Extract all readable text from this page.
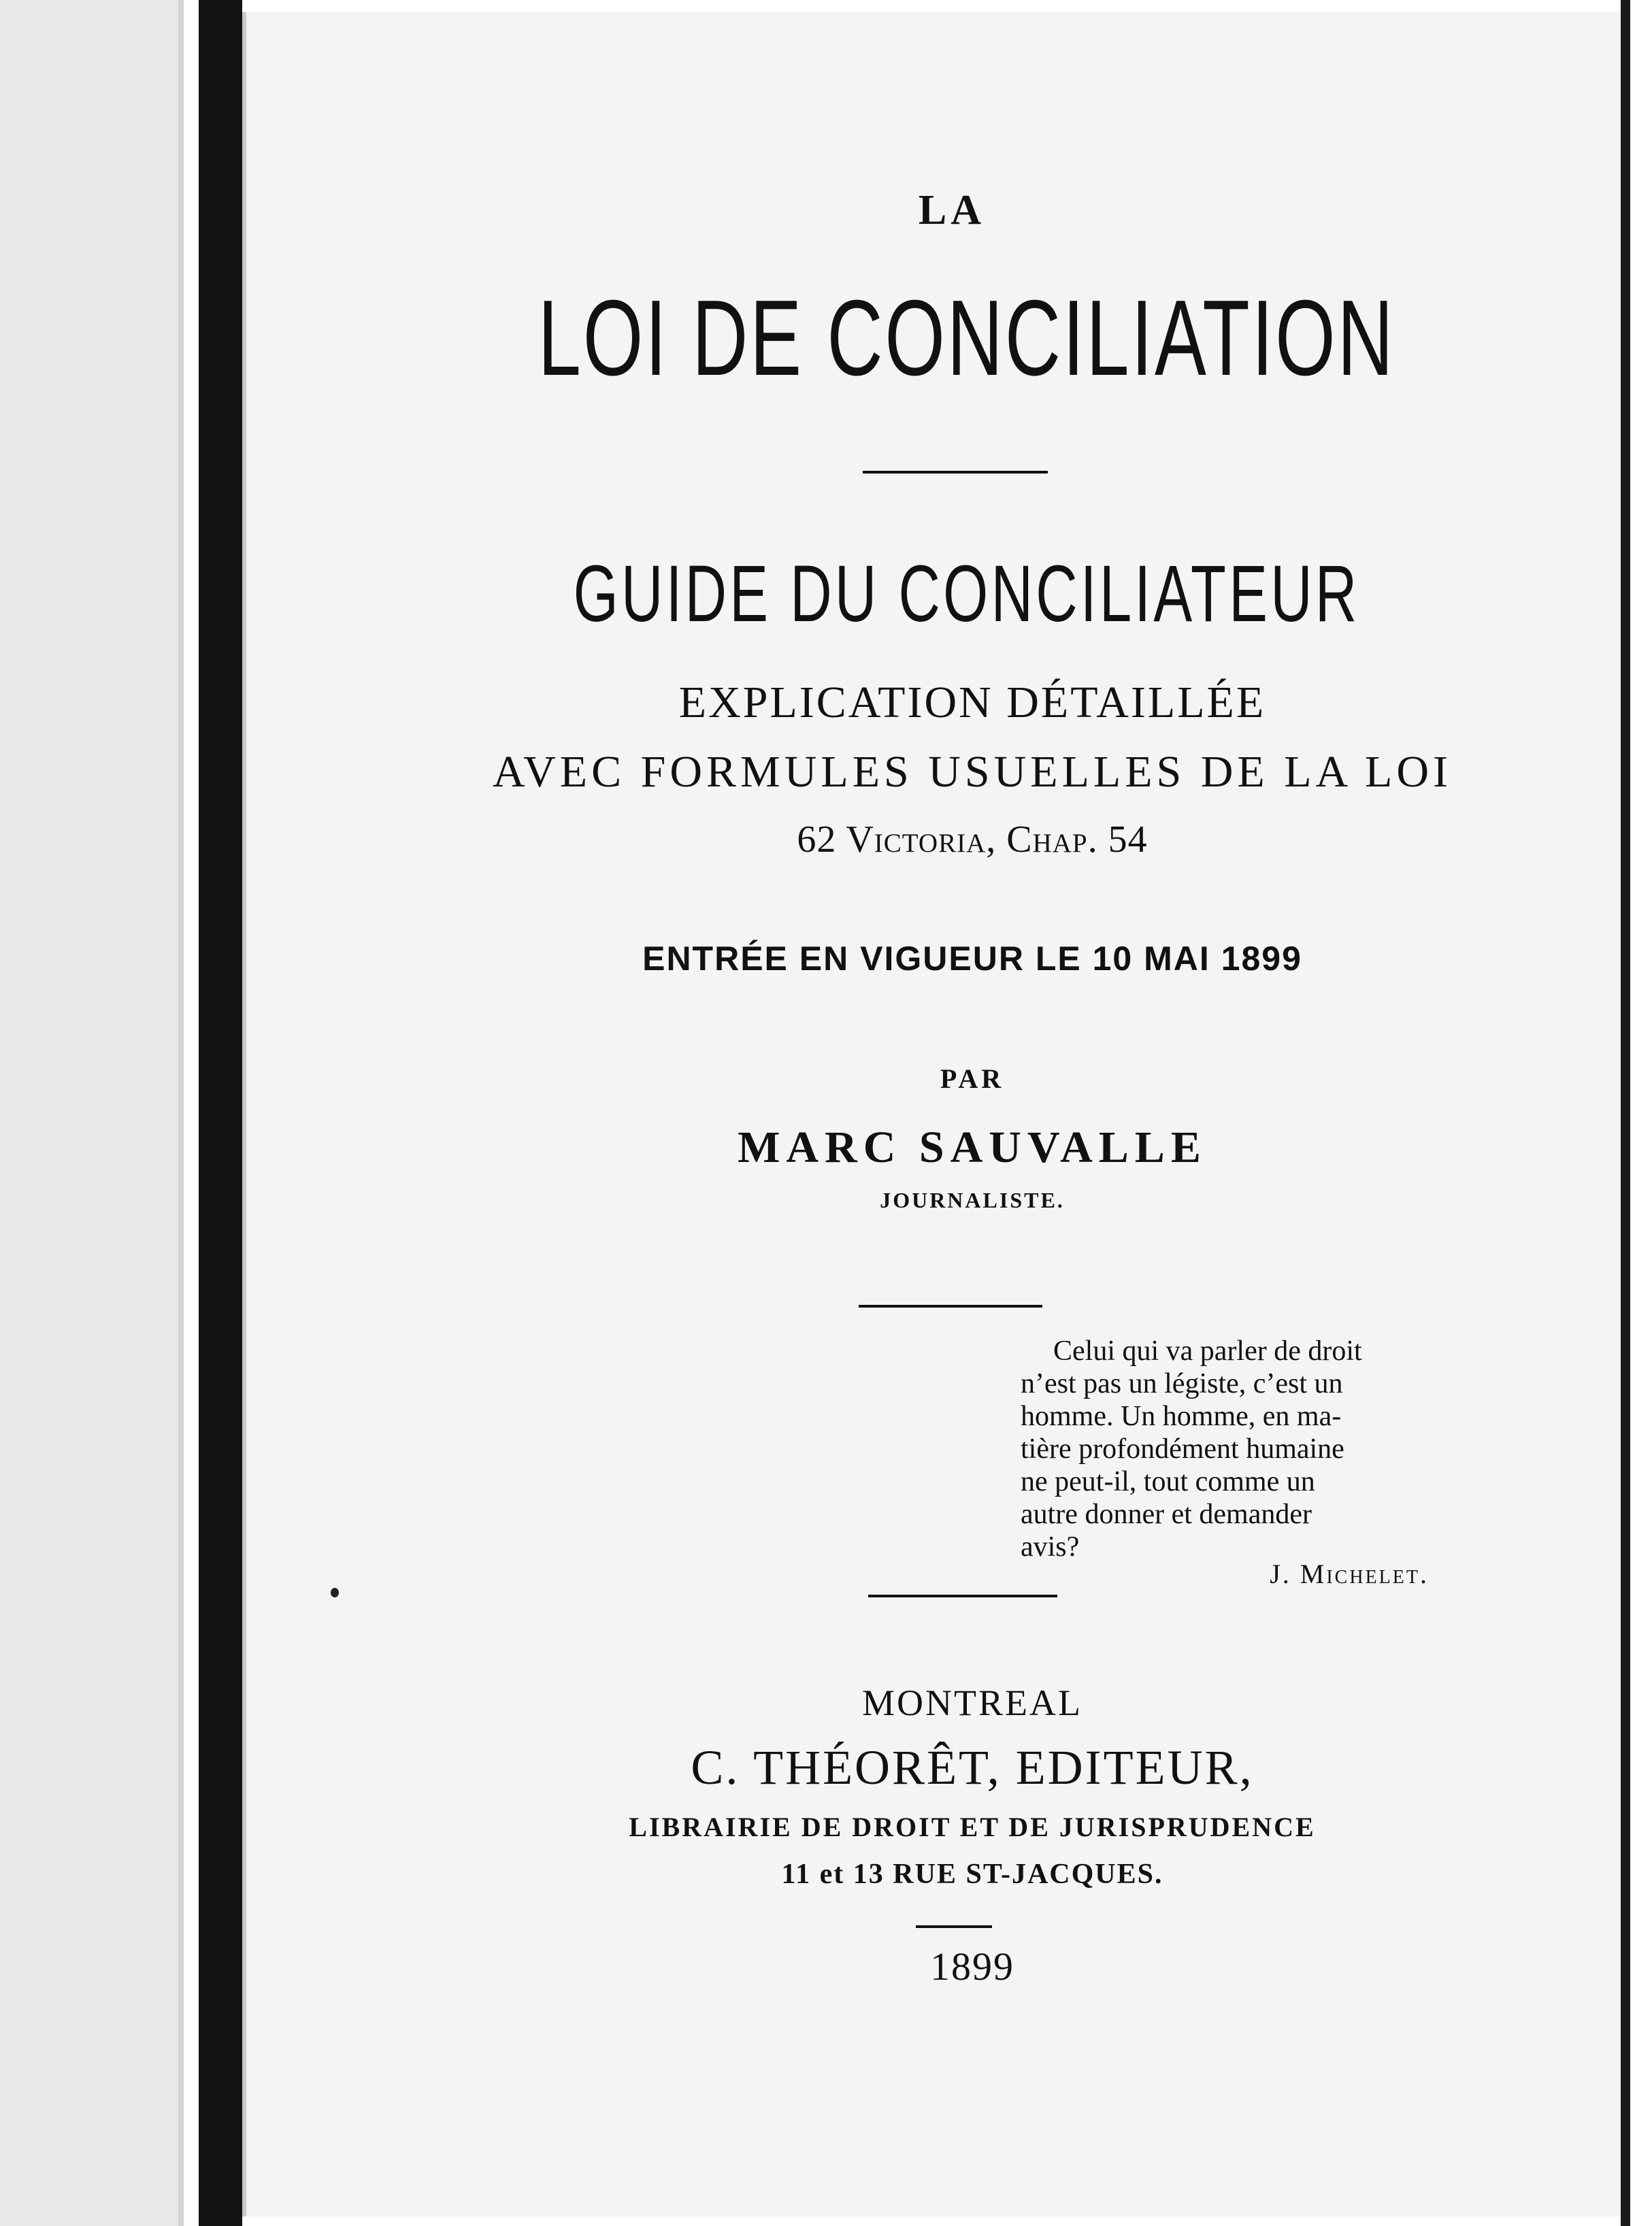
LA
LOI DE CONCILIATION
GUIDE DU CONCILIATEUR
EXPLICATION DÉTAILLÉE
AVEC FORMULES USUELLES DE LA LOI
62 Victoria, Chap. 54
ENTRÉE EN VIGUEUR LE 10 MAI 1899
PAR
MARC SAUVALLE
JOURNALISTE.
Celui qui va parler de droit
n’est pas un légiste, c’est un
homme. Un homme, en ma-
tière profondément humaine
ne peut-il, tout comme un
autre donner et demander
avis?
J. Michelet.
MONTREAL
C. THÉORÊT, EDITEUR,
LIBRAIRIE DE DROIT ET DE JURISPRUDENCE
11 et 13 RUE ST-JACQUES.
1899
